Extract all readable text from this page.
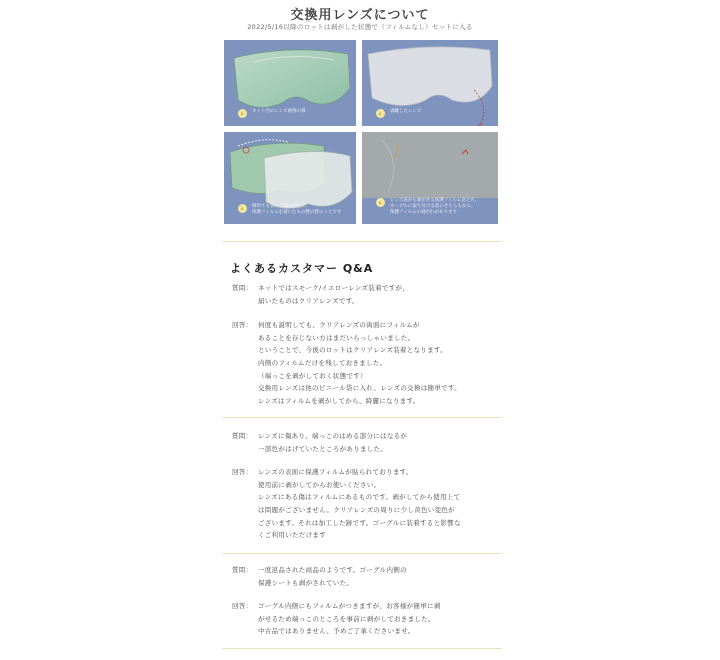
交換用レンズについて
2022/5/16以降のロットは剥がした状態で（フィルムなし）セットに入る
キット内のレンズ画像の様	剥離したレンズ
刺用ても良い上部の製造の
保護フィルムを剥いたもの整の際のことです
レンズ表から剥がせる保護フィルム見だ方、
ホーグルに取り付ける前にそちらもかに、
保護フィルムの剥がれがあります
よくあるカスタマー Q&A
質問： ネットではスモーク/イエローレンズ装着ですが、
届いたものはクリアレンズです。
回答： 何度も説明しても、クリアレンズの両面にフィルムが
あることを存じない方はまだいらっしゃいました。
ということで、今後のロットはクリアレンズ装着となります。
内側のフィルムだけを残しておきました。
（端っこを剥がしておく状態です）
交換用レンズは他のビニール袋に入れ、レンズの交換は簡単です。
レンズはフィルムを剥がしてから、綺麗になります。
質問： レンズに傷あり、端っこのはめる部分にはなるが
一部色がはげていたところがありました。
回答： レンズの表面に保護フィルムが貼られております。
使用前に剥がしてからお使いください。
レンズにある傷はフィルムにあるものです。剥がしてから使用上て
は問題がございません。クリアレンズの周りに少し黄色い変色が
ございます。それは加工した跡です。ゴーグルに装着すると影響な
くご利用いただけます
質問： 一度返品された商品のようです。ゴーグル内側の
保護シートも剥がされていた。
回答： ゴーグル内側にもフィルムがつきますが、お客様が簡単に剥
がせるため端っこのところを事前に剥がしておきました。
中古品ではありません、予めご了承くださいませ。
